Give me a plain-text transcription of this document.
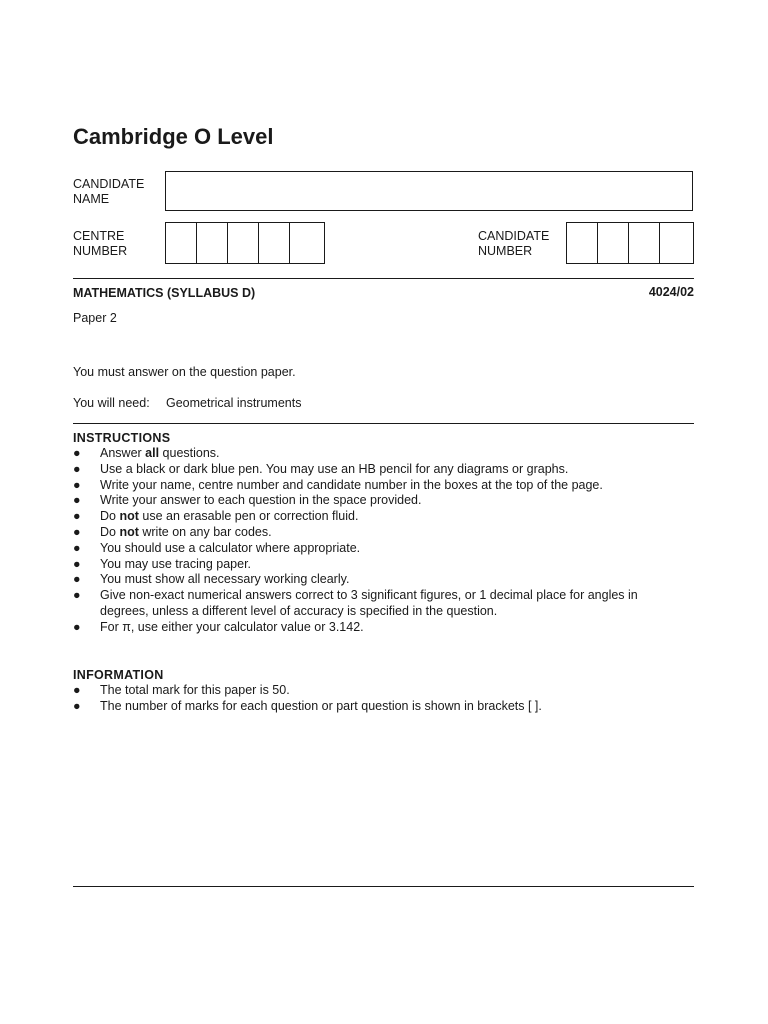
Cambridge O Level
CANDIDATE
NAME
CENTRE
NUMBER
CANDIDATE
NUMBER
MATHEMATICS (SYLLABUS D)	4024/02
Paper 2
You must answer on the question paper.
You will need: Geometrical instruments
INSTRUCTIONS
●	Answer all questions.
●	Use a black or dark blue pen. You may use an HB pencil for any diagrams or graphs.
●	Write your name, centre number and candidate number in the boxes at the top of the page.
●	Write your answer to each question in the space provided.
●	Do not use an erasable pen or correction fluid.
●	Do not write on any bar codes.
●	You should use a calculator where appropriate.
●	You may use tracing paper.
●	You must show all necessary working clearly.
●	Give non-exact numerical answers correct to 3 significant figures, or 1 decimal place for angles in degrees, unless a different level of accuracy is specified in the question.
●	For π, use either your calculator value or 3.142.
INFORMATION
●	The total mark for this paper is 50.
●	The number of marks for each question or part question is shown in brackets [ ].
